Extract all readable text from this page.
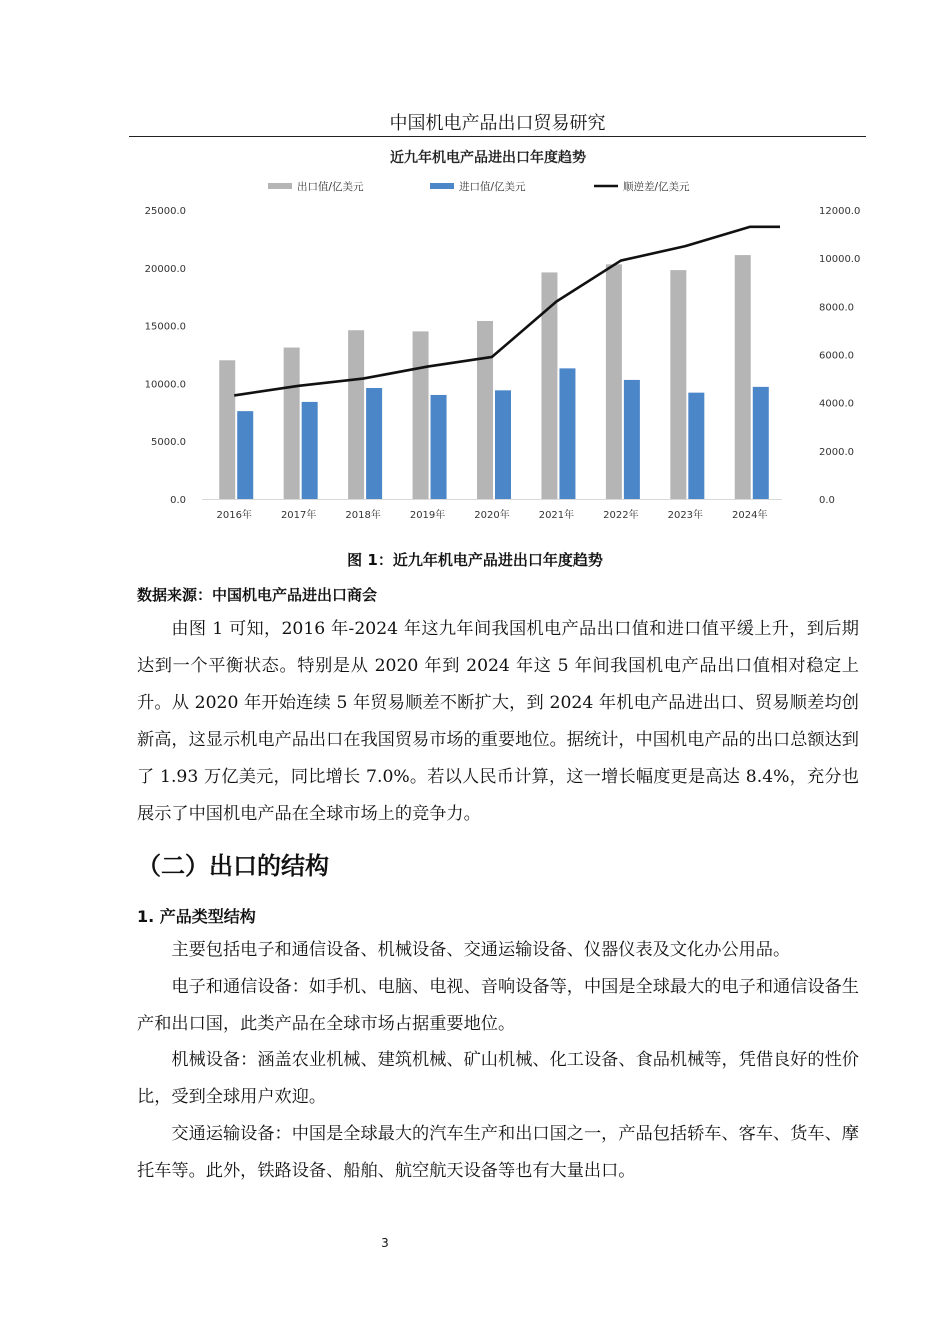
中国机电产品出口贸易研究
近九年机电产品进出口年度趋势
出口值/亿美元	进口值/亿美元	顺逆差/亿美元
0.0
5000.0
10000.0
15000.0
20000.0
25000.0
0.0
2000.0
4000.0
6000.0
8000.0
10000.0
12000.0
2016年	2017年	2018年	2019年	2020年	2021年	2022年	2023年	2024年
图 1：近九年机电产品进出口年度趋势
数据来源：中国机电产品进出口商会

由图 1 可知，2016 年-2024 年这九年间我国机电产品出口值和进口值平缓上升，到后期达到一个平衡状态。特别是从 2020 年到 2024 年这 5 年间我国机电产品出口值相对稳定上升。从 2020 年开始连续 5 年贸易顺差不断扩大，到 2024 年机电产品进出口、贸易顺差均创新高，这显示机电产品出口在我国贸易市场的重要地位。据统计，中国机电产品的出口总额达到了 1.93 万亿美元，同比增长 7.0%。若以人民币计算，这一增长幅度更是高达 8.4%，充分也展示了中国机电产品在全球市场上的竞争力。

（二）出口的结构
1. 产品类型结构

主要包括电子和通信设备、机械设备、交通运输设备、仪器仪表及文化办公用品。

电子和通信设备：如手机、电脑、电视、音响设备等，中国是全球最大的电子和通信设备生产和出口国，此类产品在全球市场占据重要地位。

机械设备：涵盖农业机械、建筑机械、矿山机械、化工设备、食品机械等，凭借良好的性价比，受到全球用户欢迎。

交通运输设备：中国是全球最大的汽车生产和出口国之一，产品包括轿车、客车、货车、摩托车等。此外，铁路设备、船舶、航空航天设备等也有大量出口。

3
